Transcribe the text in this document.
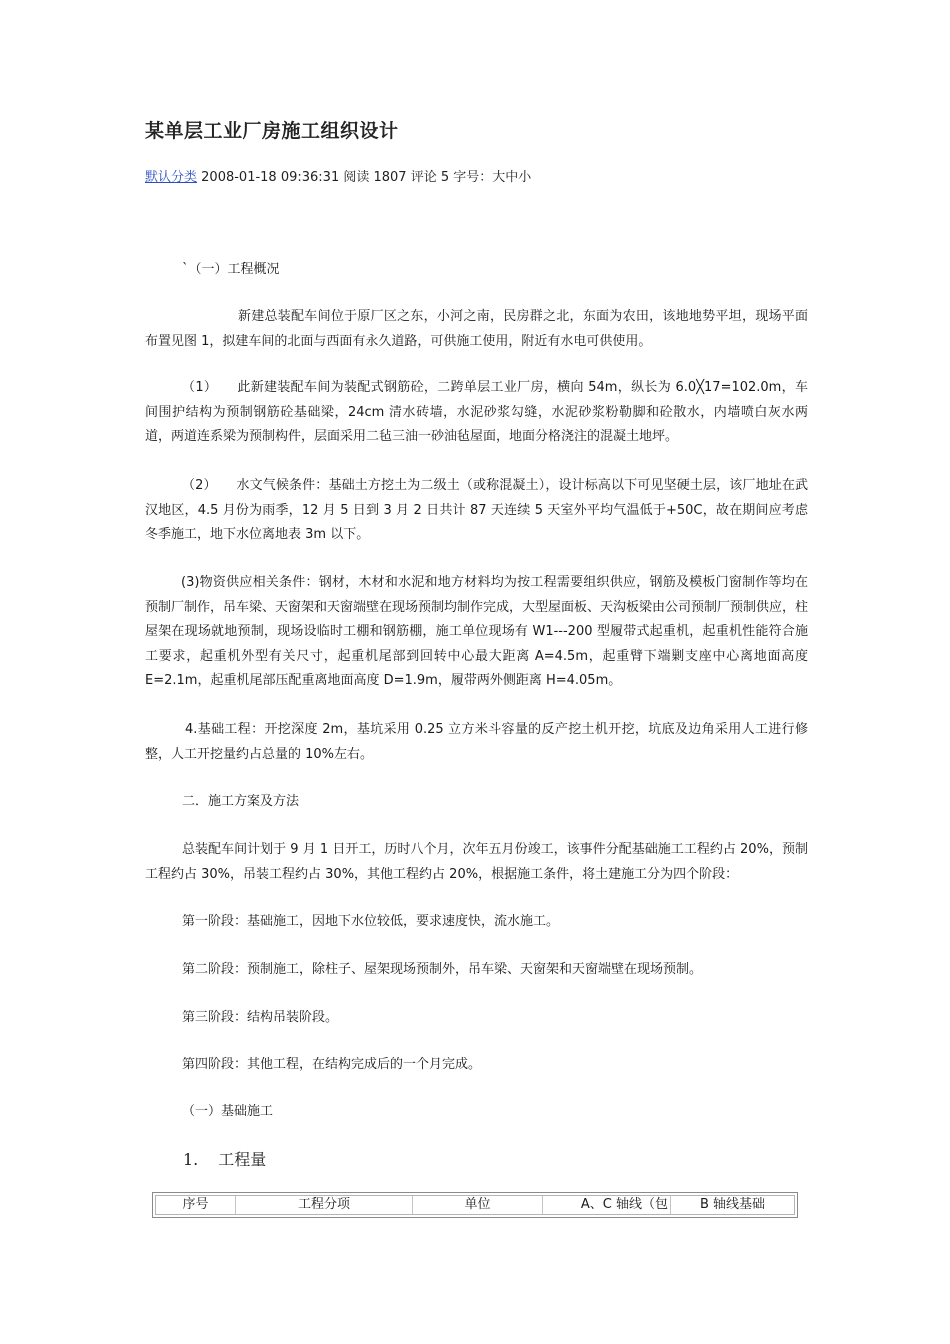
某单层工业厂房施工组织设计
默认分类 2008-01-18 09:36:31 阅读 1807 评论 5 字号：大中小

`（一）工程概况

新建总装配车间位于原厂区之东，小河之南，民房群之北，东面为农田，该地地势平坦，现场平面布置见图 1，拟建车间的北面与西面有永久道路，可供施工使用，附近有水电可供使用。

（1）　　此新建装配车间为装配式钢筋砼，二跨单层工业厂房，横向 54m，纵长为 6.0╳17=102.0m，车间围护结构为预制钢筋砼基础梁，24cm 清水砖墙，水泥砂浆勾缝，水泥砂浆粉勒脚和砼散水，内墙喷白灰水两道，两道连系梁为预制构件，层面采用二毡三油一砂油毡屋面，地面分格浇注的混凝土地坪。

（2）　　水文气候条件：基础土方挖土为二级土（或称混凝土），设计标高以下可见坚硬土层，该厂地址在武汉地区，4.5 月份为雨季，12 月 5 日到 3 月 2 日共计 87 天连续 5 天室外平均气温低于+50C，故在期间应考虑冬季施工，地下水位离地表 3m 以下。

(3)物资供应相关条件：钢材，木材和水泥和地方材料均为按工程需要组织供应，钢筋及模板门窗制作等均在预制厂制作，吊车梁、天窗架和天窗端壁在现场预制均制作完成，大型屋面板、天沟板梁由公司预制厂预制供应，柱屋架在现场就地预制，现场设临时工棚和钢筋棚，施工单位现场有 W1---200 型履带式起重机，起重机性能符合施工要求，起重机外型有关尺寸，起重机尾部到回转中心最大距离 A=4.5m，起重臂下端剿支座中心离地面高度 E=2.1m，起重机尾部压配重离地面高度 D=1.9m，履带两外侧距离 H=4.05m。

4.基础工程：开挖深度 2m，基坑采用 0.25 立方米斗容量的反产挖土机开挖，坑底及边角采用人工进行修整，人工开挖量约占总量的 10%左右。

二．施工方案及方法

总装配车间计划于 9 月 1 日开工，历时八个月，次年五月份竣工，该事件分配基础施工工程约占 20%，预制工程约占 30%，吊装工程约占 30%，其他工程约占 20%，根据施工条件，将土建施工分为四个阶段：

第一阶段：基础施工，因地下水位较低，要求速度快，流水施工。

第二阶段：预制施工，除柱子、屋架现场预制外，吊车梁、天窗架和天窗端壁在现场预制。

第三阶段：结构吊装阶段。

第四阶段：其他工程，在结构完成后的一个月完成。

（一）基础施工

1. 工程量
序号	工程分项	单位	A、C 轴线（包	B 轴线基础
